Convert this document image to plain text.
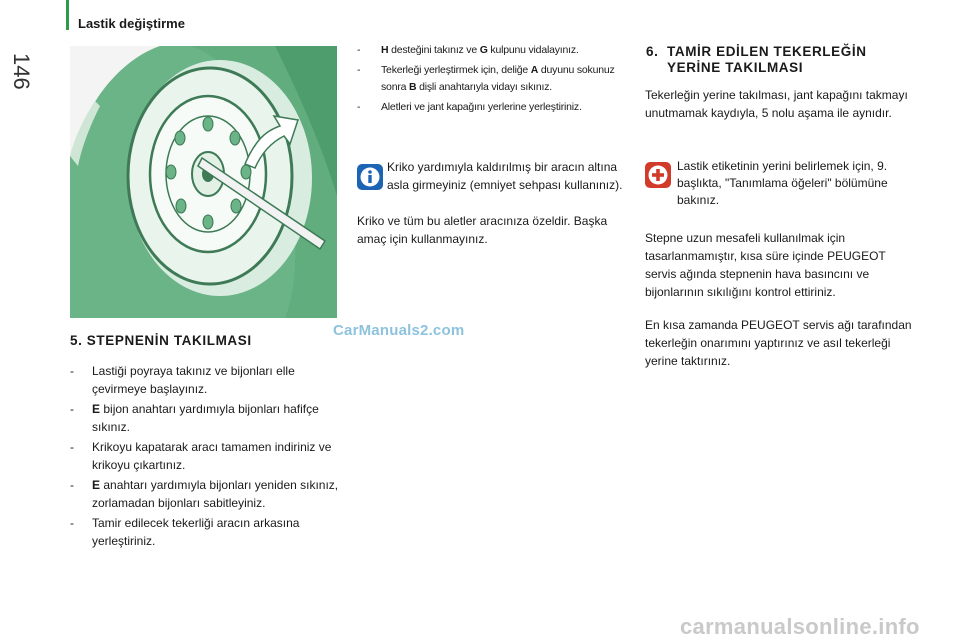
146
Lastik değiştirme
CarManuals2.com
5. STEPNENİN TAKILMASI
- Lastiği poyraya takınız ve bijonları elle çevirmeye başlayınız.
- E bijon anahtarı yardımıyla bijonları hafifçe sıkınız.
- Krikoyu kapatarak aracı tamamen indiriniz ve krikoyu çıkartınız.
- E anahtarı yardımıyla bijonları yeniden sıkınız, zorlamadan bijonları sabitleyiniz.
- Tamir edilecek tekerliği aracın arkasına yerleştiriniz.
- H desteğini takınız ve G kulpunu vidalayınız.
- Tekerleği yerleştirmek için, deliğe A duyunu sokunuz sonra B dişli anahtarıyla vidayı sıkınız.
- Aletleri ve jant kapağını yerlerine yerleştiriniz.
Kriko yardımıyla kaldırılmış bir aracın altına asla girmeyiniz (emniyet sehpası kullanınız).
Kriko ve tüm bu aletler aracınıza özeldir. Başka amaç için kullanmayınız.
6. TAMİR EDİLEN TEKERLEĞİN
YERİNE TAKILMASI
Tekerleğin yerine takılması, jant kapağını takmayı unutmamak kaydıyla, 5 nolu aşama ile aynıdır.
Lastik etiketinin yerini belirlemek için, 9. başlıkta, "Tanımlama öğeleri" bölümüne bakınız.
Stepne uzun mesafeli kullanılmak için tasarlanmamıştır, kısa süre içinde PEUGEOT servis ağında stepnenin hava basıncını ve bijonlarının sıkılığını kontrol ettiriniz.
En kısa zamanda PEUGEOT servis ağı tarafından tekerleğin onarımını yaptırınız ve asıl tekerleği yerine taktırınız.
carmanualsonline.info
